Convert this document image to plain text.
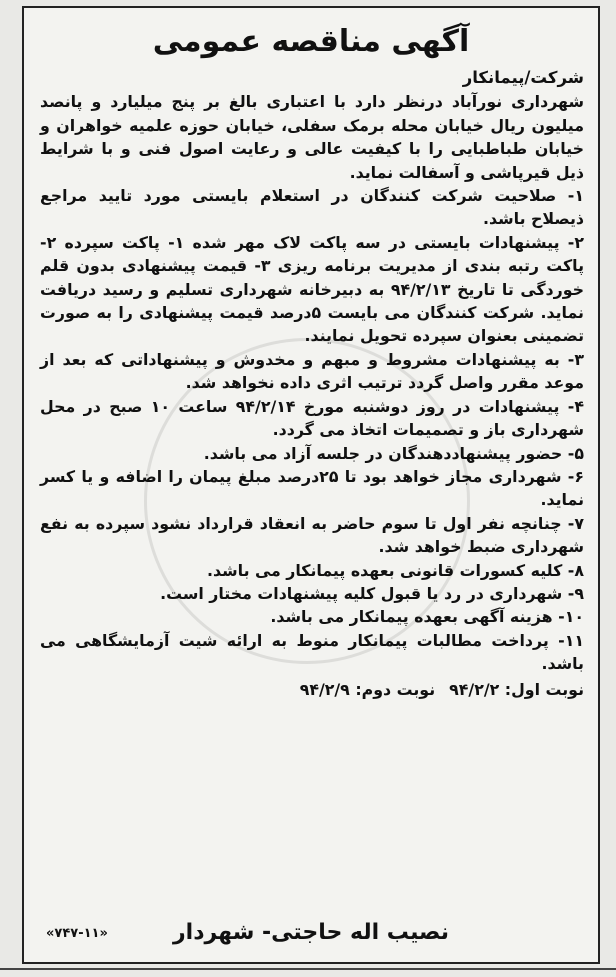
آگهی مناقصه عمومی

شرکت/پیمانکار

شهرداری نورآباد درنظر دارد با اعتباری بالغ بر پنج میلیارد و پانصد میلیون ریال خیابان محله برمک سفلی، خیابان حوزه علمیه خواهران و خیابان طباطبایی را با کیفیت عالی و رعایت اصول فنی و با شرایط ذیل قیرپاشی و آسفالت نماید.

۱- صلاحیت شرکت کنندگان در استعلام بایستی مورد تایید مراجع ذیصلاح باشد.

۲- پیشنهادات بایستی در سه پاکت لاک مهر شده ۱- پاکت سپرده ۲- پاکت رتبه بندی از مدیریت برنامه ریزی ۳- قیمت پیشنهادی بدون قلم خوردگی تا تاریخ ۹۴/۲/۱۳ به دبیرخانه شهرداری تسلیم و رسید دریافت نماید. شرکت کنندگان می بایست ۵درصد قیمت پیشنهادی را به صورت تضمینی بعنوان سپرده تحویل نمایند.

۳- به پیشنهادات مشروط و مبهم و مخدوش و پیشنهاداتی که بعد از موعد مقرر واصل گردد ترتیب اثری داده نخواهد شد.

۴- پیشنهادات در روز دوشنبه مورخ ۹۴/۲/۱۴ ساعت ۱۰ صبح در محل شهرداری باز و تصمیمات اتخاذ می گردد.

۵- حضور پیشنهاددهندگان در جلسه آزاد می باشد.

۶- شهرداری مجاز خواهد بود تا ۲۵درصد مبلغ پیمان را اضافه و یا کسر نماید.

۷- چنانچه نفر اول تا سوم حاضر به انعقاد قرارداد نشود سپرده به نفع شهرداری ضبط خواهد شد.

۸- کلیه کسورات قانونی بعهده پیمانکار می باشد.

۹- شهرداری در رد یا قبول کلیه پیشنهادات مختار است.

۱۰- هزینه آگهی بعهده پیمانکار می باشد.

۱۱- پرداخت مطالبات پیمانکار منوط به ارائه شیت آزمایشگاهی می باشد.

نوبت اول: ۹۴/۲/۲
نوبت دوم: ۹۴/۲/۹

نصیب اله حاجتی- شهردار
«۷۴۷-۱۱»
